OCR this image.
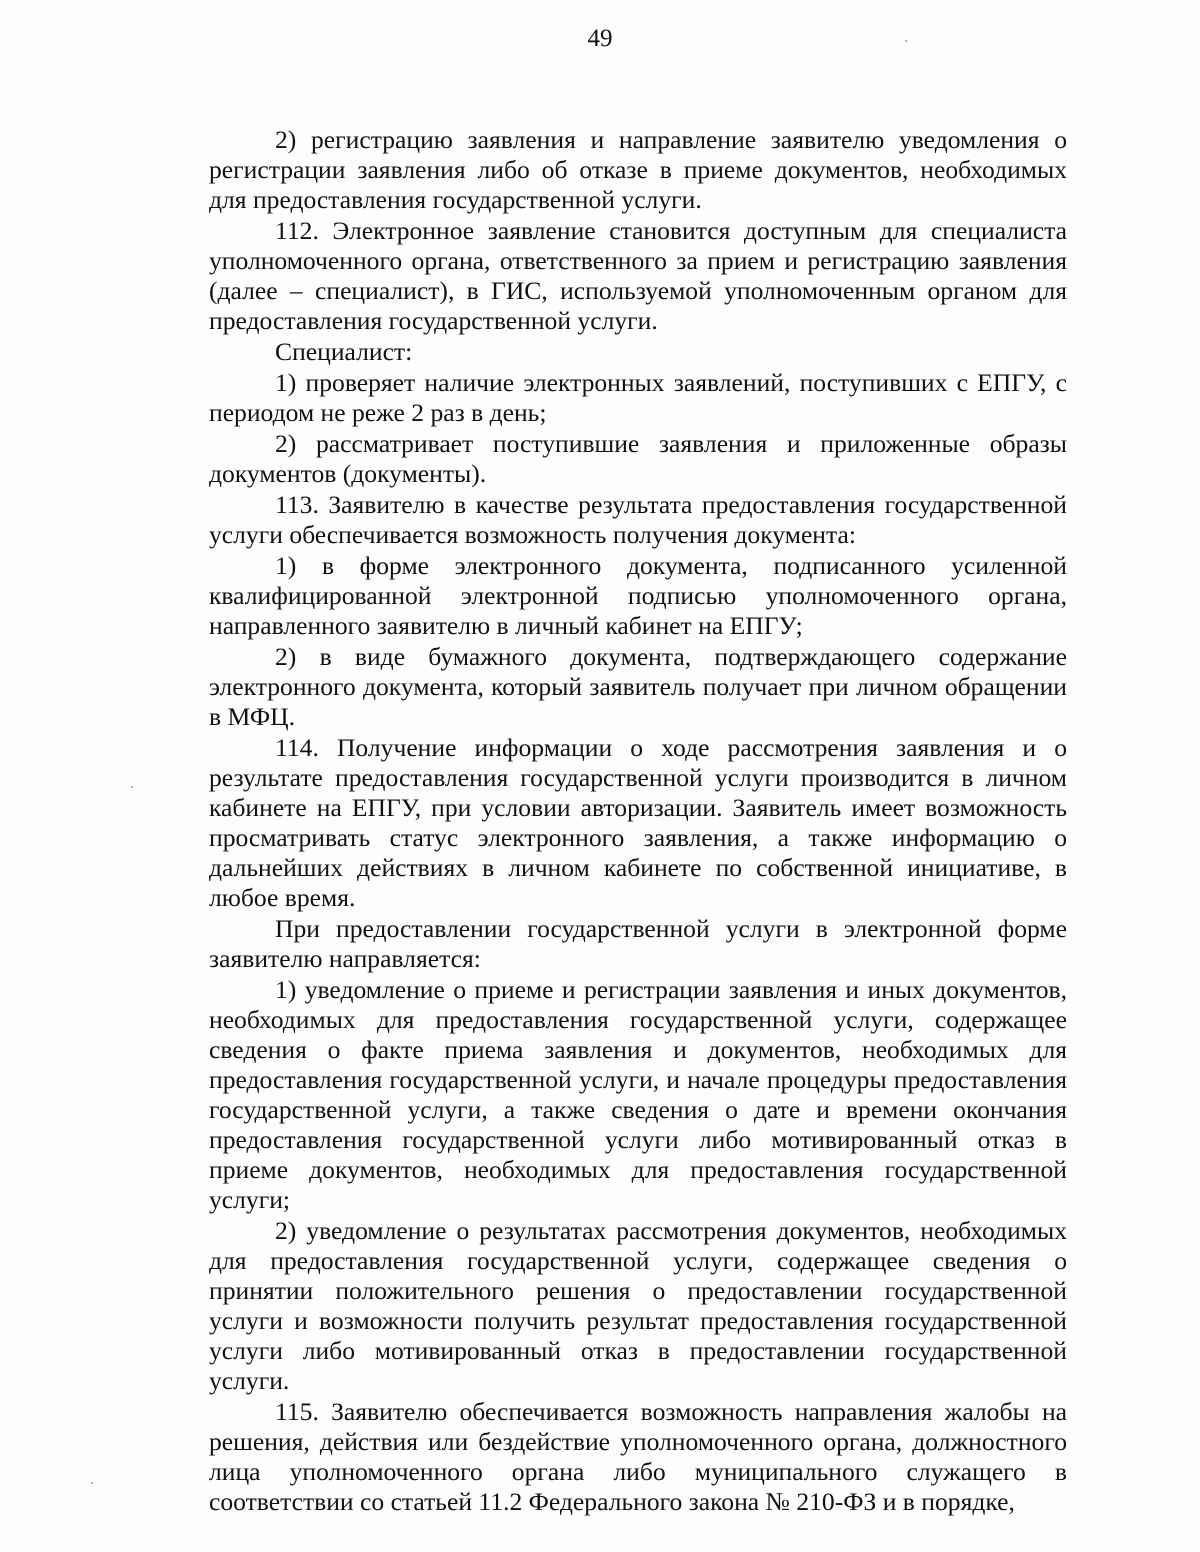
49

2) регистрацию заявления и направление заявителю уведомления о регистрации заявления либо об отказе в приеме документов, необходимых для предоставления государственной услуги.

112. Электронное заявление становится доступным для специалиста уполномоченного органа, ответственного за прием и регистрацию заявления (далее – специалист), в ГИС, используемой уполномоченным органом для предоставления государственной услуги.

Специалист:

1) проверяет наличие электронных заявлений, поступивших с ЕПГУ, с периодом не реже 2 раз в день;

2) рассматривает поступившие заявления и приложенные образы документов (документы).

113. Заявителю в качестве результата предоставления государственной услуги обеспечивается возможность получения документа:

1) в форме электронного документа, подписанного усиленной квалифицированной электронной подписью уполномоченного органа, направленного заявителю в личный кабинет на ЕПГУ;

2) в виде бумажного документа, подтверждающего содержание электронного документа, который заявитель получает при личном обращении в МФЦ.

114. Получение информации о ходе рассмотрения заявления и о результате предоставления государственной услуги производится в личном кабинете на ЕПГУ, при условии авторизации. Заявитель имеет возможность просматривать статус электронного заявления, а также информацию о дальнейших действиях в личном кабинете по собственной инициативе, в любое время.

При предоставлении государственной услуги в электронной форме заявителю направляется:

1) уведомление о приеме и регистрации заявления и иных документов, необходимых для предоставления государственной услуги, содержащее сведения о факте приема заявления и документов, необходимых для предоставления государственной услуги, и начале процедуры предоставления государственной услуги, а также сведения о дате и времени окончания предоставления государственной услуги либо мотивированный отказ в приеме документов, необходимых для предоставления государственной услуги;

2) уведомление о результатах рассмотрения документов, необходимых для предоставления государственной услуги, содержащее сведения о принятии положительного решения о предоставлении государственной услуги и возможности получить результат предоставления государственной услуги либо мотивированный отказ в предоставлении государственной услуги.

115. Заявителю обеспечивается возможность направления жалобы на решения, действия или бездействие уполномоченного органа, должностного лица уполномоченного органа либо муниципального служащего в соответствии со статьей 11.2 Федерального закона № 210-ФЗ и в порядке,
